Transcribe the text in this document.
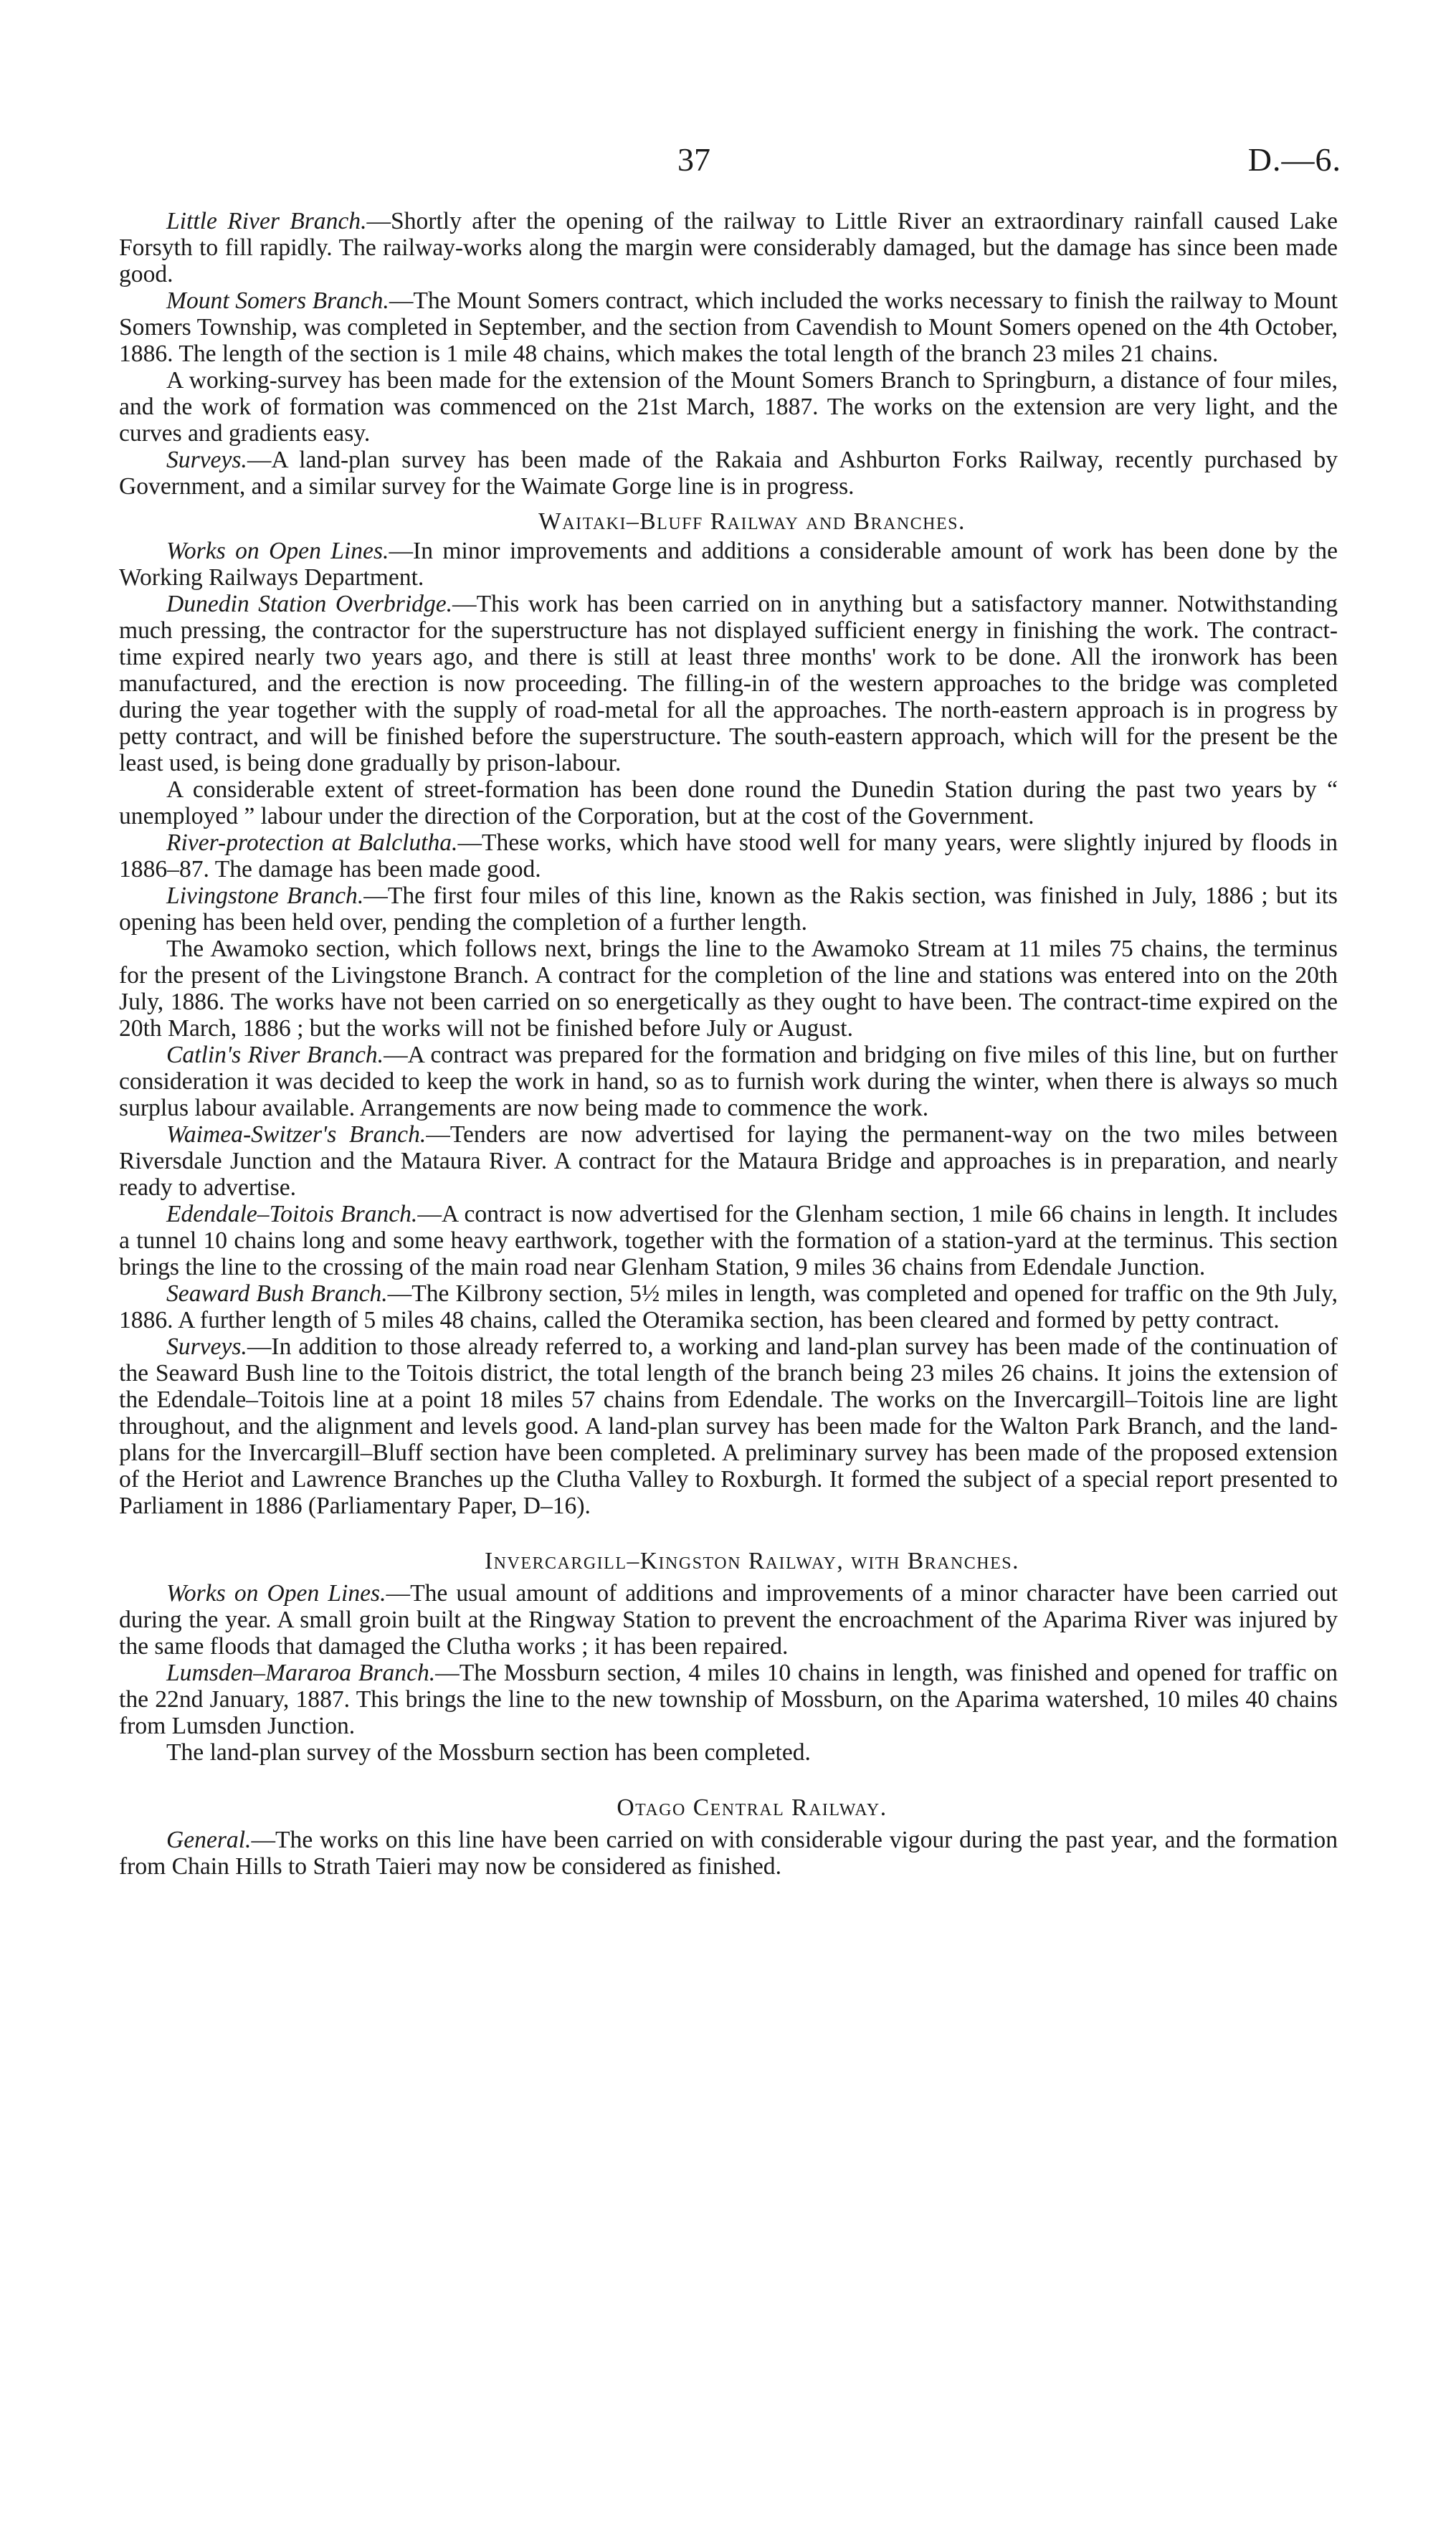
37	D.—6.

Little River Branch.—Shortly after the opening of the railway to Little River an extraordinary rainfall caused Lake Forsyth to fill rapidly. The railway-works along the margin were considerably damaged, but the damage has since been made good.

Mount Somers Branch.—The Mount Somers contract, which included the works necessary to finish the railway to Mount Somers Township, was completed in September, and the section from Cavendish to Mount Somers opened on the 4th October, 1886. The length of the section is 1 mile 48 chains, which makes the total length of the branch 23 miles 21 chains.

A working-survey has been made for the extension of the Mount Somers Branch to Springburn, a distance of four miles, and the work of formation was commenced on the 21st March, 1887. The works on the extension are very light, and the curves and gradients easy.

Surveys.—A land-plan survey has been made of the Rakaia and Ashburton Forks Railway, recently purchased by Government, and a similar survey for the Waimate Gorge line is in progress.

Waitaki–Bluff Railway and Branches.

Works on Open Lines.—In minor improvements and additions a considerable amount of work has been done by the Working Railways Department.

Dunedin Station Overbridge.—This work has been carried on in anything but a satisfactory manner. Notwithstanding much pressing, the contractor for the superstructure has not displayed sufficient energy in finishing the work. The contract-time expired nearly two years ago, and there is still at least three months' work to be done. All the ironwork has been manufactured, and the erection is now proceeding. The filling-in of the western approaches to the bridge was completed during the year together with the supply of road-metal for all the approaches. The north-eastern approach is in progress by petty contract, and will be finished before the superstructure. The south-eastern approach, which will for the present be the least used, is being done gradually by prison-labour.

A considerable extent of street-formation has been done round the Dunedin Station during the past two years by “ unemployed ” labour under the direction of the Corporation, but at the cost of the Government.

River-protection at Balclutha.—These works, which have stood well for many years, were slightly injured by floods in 1886–87. The damage has been made good.

Livingstone Branch.—The first four miles of this line, known as the Rakis section, was finished in July, 1886 ; but its opening has been held over, pending the completion of a further length.

The Awamoko section, which follows next, brings the line to the Awamoko Stream at 11 miles 75 chains, the terminus for the present of the Livingstone Branch. A contract for the completion of the line and stations was entered into on the 20th July, 1886. The works have not been carried on so energetically as they ought to have been. The contract-time expired on the 20th March, 1886 ; but the works will not be finished before July or August.

Catlin's River Branch.—A contract was prepared for the formation and bridging on five miles of this line, but on further consideration it was decided to keep the work in hand, so as to furnish work during the winter, when there is always so much surplus labour available. Arrangements are now being made to commence the work.

Waimea-Switzer's Branch.—Tenders are now advertised for laying the permanent-way on the two miles between Riversdale Junction and the Mataura River. A contract for the Mataura Bridge and approaches is in preparation, and nearly ready to advertise.

Edendale–Toitois Branch.—A contract is now advertised for the Glenham section, 1 mile 66 chains in length. It includes a tunnel 10 chains long and some heavy earthwork, together with the formation of a station-yard at the terminus. This section brings the line to the crossing of the main road near Glenham Station, 9 miles 36 chains from Edendale Junction.

Seaward Bush Branch.—The Kilbrony section, 5½ miles in length, was completed and opened for traffic on the 9th July, 1886. A further length of 5 miles 48 chains, called the Oteramika section, has been cleared and formed by petty contract.

Surveys.—In addition to those already referred to, a working and land-plan survey has been made of the continuation of the Seaward Bush line to the Toitois district, the total length of the branch being 23 miles 26 chains. It joins the extension of the Edendale–Toitois line at a point 18 miles 57 chains from Edendale. The works on the Invercargill–Toitois line are light throughout, and the alignment and levels good. A land-plan survey has been made for the Walton Park Branch, and the land-plans for the Invercargill–Bluff section have been completed. A preliminary survey has been made of the proposed extension of the Heriot and Lawrence Branches up the Clutha Valley to Roxburgh. It formed the subject of a special report presented to Parliament in 1886 (Parliamentary Paper, D–16).

Invercargill–Kingston Railway, with Branches.

Works on Open Lines.—The usual amount of additions and improvements of a minor character have been carried out during the year. A small groin built at the Ringway Station to prevent the encroachment of the Aparima River was injured by the same floods that damaged the Clutha works ; it has been repaired.

Lumsden–Mararoa Branch.—The Mossburn section, 4 miles 10 chains in length, was finished and opened for traffic on the 22nd January, 1887. This brings the line to the new township of Mossburn, on the Aparima watershed, 10 miles 40 chains from Lumsden Junction.

The land-plan survey of the Mossburn section has been completed.

Otago Central Railway.

General.—The works on this line have been carried on with considerable vigour during the past year, and the formation from Chain Hills to Strath Taieri may now be considered as finished.
